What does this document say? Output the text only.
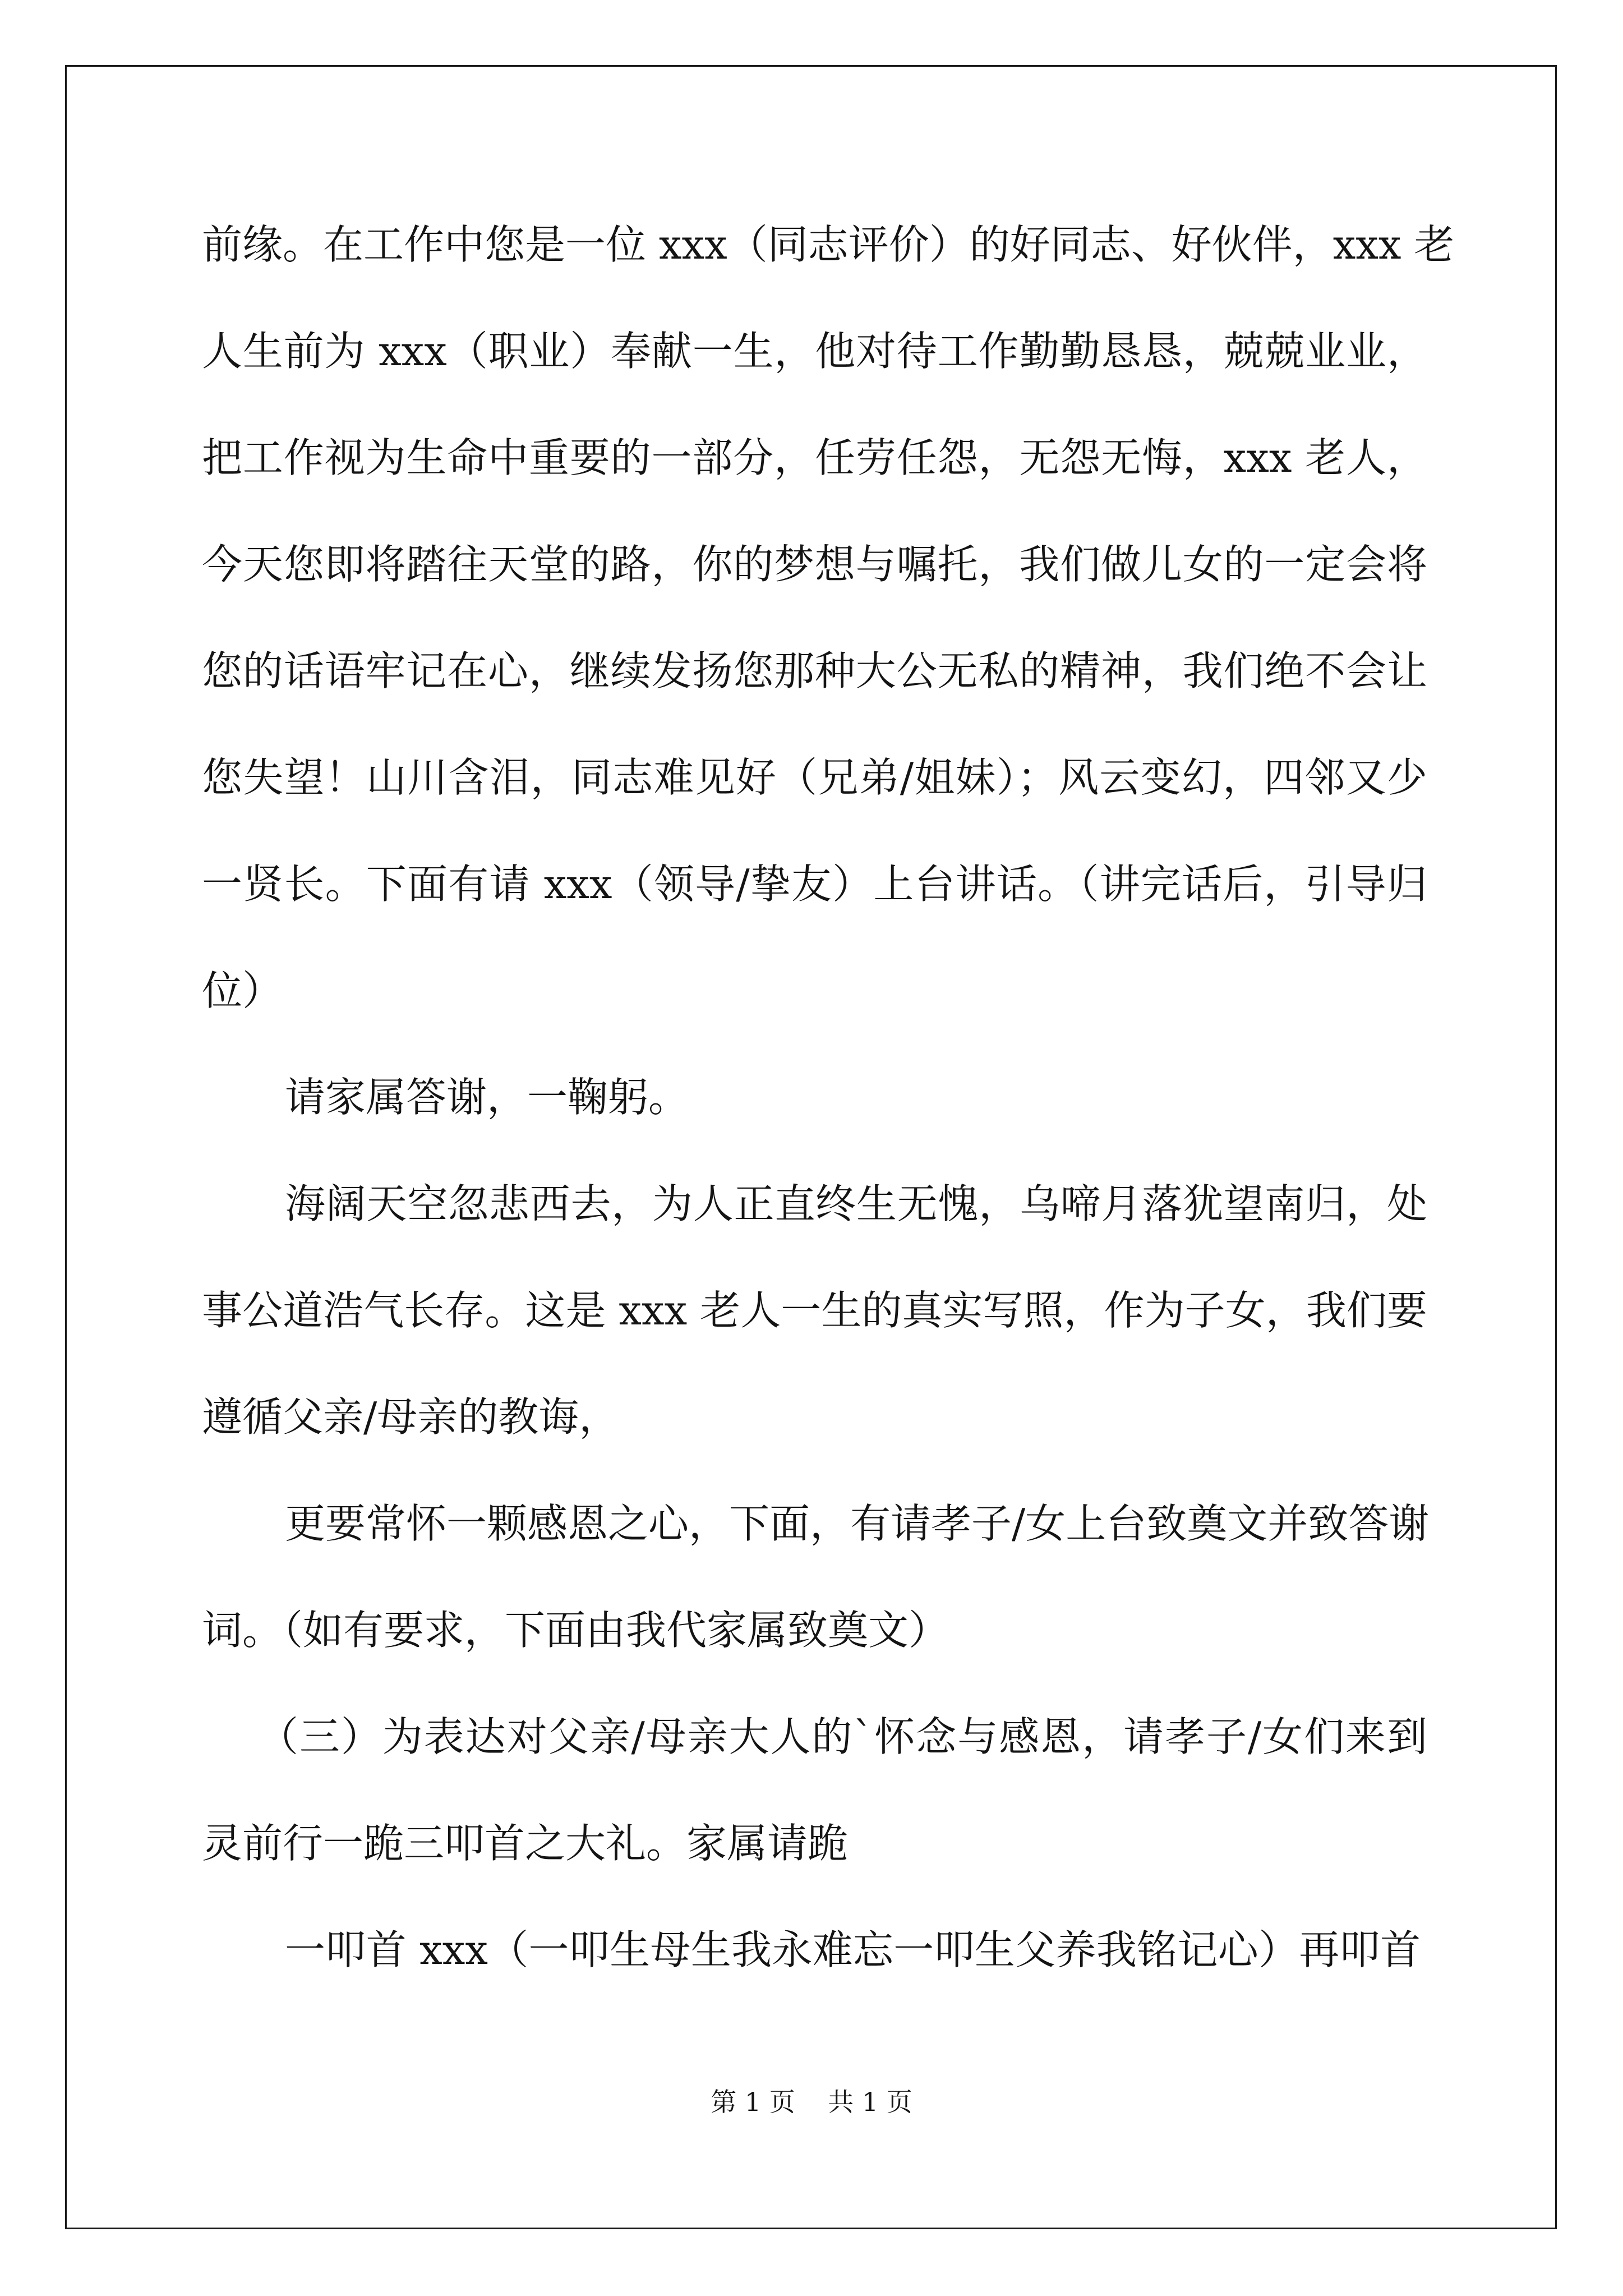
前缘。在工作中您是一位 xxx（同志评价）的好同志、好伙伴，xxx 老
人生前为 xxx（职业）奉献一生，他对待工作勤勤恳恳，兢兢业业，
把工作视为生命中重要的一部分，任劳任怨，无怨无悔，xxx 老人，
今天您即将踏往天堂的路，你的梦想与嘱托，我们做儿女的一定会将
您的话语牢记在心，继续发扬您那种大公无私的精神，我们绝不会让
您失望！山川含泪，同志难见好（兄弟/姐妹）；风云变幻，四邻又少
一贤长。下面有请 xxx（领导/挚友）上台讲话。（讲完话后，引导归
位）
请家属答谢，一鞠躬。
海阔天空忽悲西去，为人正直终生无愧，乌啼月落犹望南归，处
事公道浩气长存。这是 xxx 老人一生的真实写照，作为子女，我们要
遵循父亲/母亲的教诲，
更要常怀一颗感恩之心，下面，有请孝子/女上台致奠文并致答谢
词。（如有要求，下面由我代家属致奠文）
（三）为表达对父亲/母亲大人的`怀念与感恩，请孝子/女们来到
灵前行一跪三叩首之大礼。家属请跪
一叩首 xxx（一叩生母生我永难忘一叩生父养我铭记心）再叩首
第 1 页    共 1 页
